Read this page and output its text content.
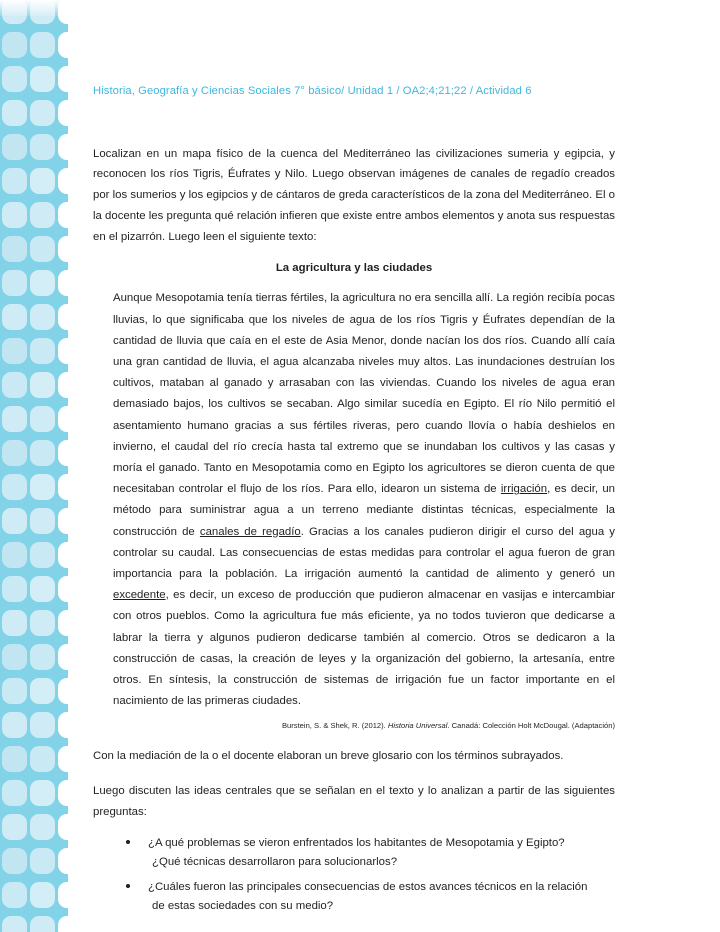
Historia, Geografía y Ciencias Sociales 7° básico/ Unidad 1 / OA2;4;21;22 / Actividad 6

Localizan en un mapa físico de la cuenca del Mediterráneo las civilizaciones sumeria y egipcia, y reconocen los ríos Tigris, Éufrates y Nilo. Luego observan imágenes de canales de regadío creados por los sumerios y los egipcios y de cántaros de greda característicos de la zona del Mediterráneo. El o la docente les pregunta qué relación infieren que existe entre ambos elementos y anota sus respuestas en el pizarrón. Luego leen el siguiente texto:

La agricultura y las ciudades
Aunque Mesopotamia tenía tierras fértiles, la agricultura no era sencilla allí. La región recibía pocas lluvias, lo que significaba que los niveles de agua de los ríos Tigris y Éufrates dependían de la cantidad de lluvia que caía en el este de Asia Menor, donde nacían los dos ríos. Cuando allí caía una gran cantidad de lluvia, el agua alcanzaba niveles muy altos. Las inundaciones destruían los cultivos, mataban al ganado y arrasaban con las viviendas. Cuando los niveles de agua eran demasiado bajos, los cultivos se secaban. Algo similar sucedía en Egipto. El río Nilo permitió el asentamiento humano gracias a sus fértiles riveras, pero cuando llovía o había deshielos en invierno, el caudal del río crecía hasta tal extremo que se inundaban los cultivos y las casas y moría el ganado. Tanto en Mesopotamia como en Egipto los agricultores se dieron cuenta de que necesitaban controlar el flujo de los ríos. Para ello, idearon un sistema de irrigación, es decir, un método para suministrar agua a un terreno mediante distintas técnicas, especialmente la construcción de canales de regadío. Gracias a los canales pudieron dirigir el curso del agua y controlar su caudal. Las consecuencias de estas medidas para controlar el agua fueron de gran importancia para la población. La irrigación aumentó la cantidad de alimento y generó un excedente, es decir, un exceso de producción que pudieron almacenar en vasijas e intercambiar con otros pueblos. Como la agricultura fue más eficiente, ya no todos tuvieron que dedicarse a labrar la tierra y algunos pudieron dedicarse también al comercio. Otros se dedicaron a la construcción de casas, la creación de leyes y la organización del gobierno, la artesanía, entre otros. En síntesis, la construcción de sistemas de irrigación fue un factor importante en el nacimiento de las primeras ciudades.
Burstein, S. & Shek, R. (2012). Historia Universal. Canadá: Colección Holt McDougal. (Adaptación)

Con la mediación de la o el docente elaboran un breve glosario con los términos subrayados.

Luego discuten las ideas centrales que se señalan en el texto y lo analizan a partir de las siguientes preguntas:

¿A qué problemas se vieron enfrentados los habitantes de Mesopotamia y Egipto?
¿Qué técnicas desarrollaron para solucionarlos?
¿Cuáles fueron las principales consecuencias de estos avances técnicos en la relación
de estas sociedades con su medio?
